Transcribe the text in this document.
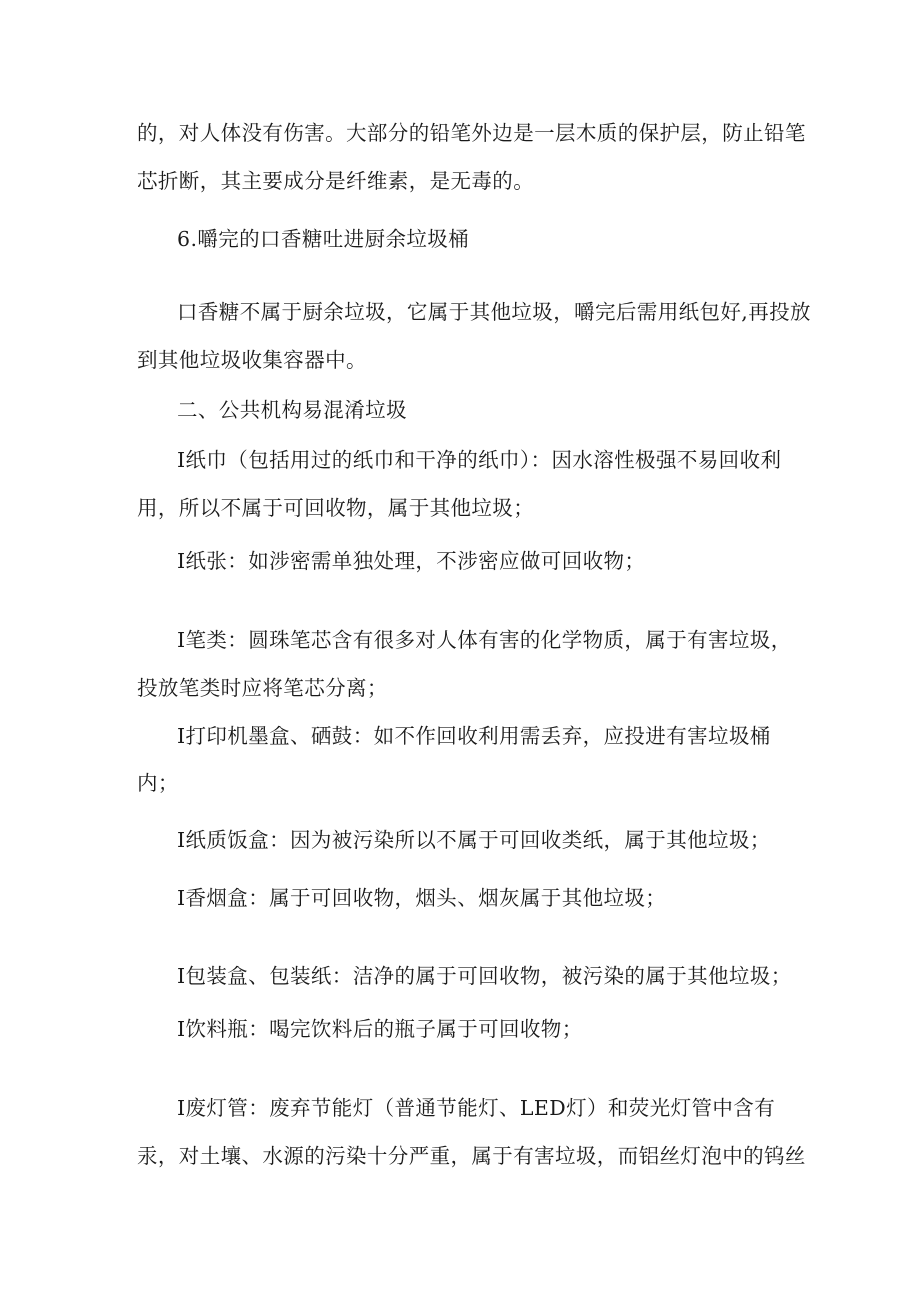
的，对人体没有伤害。大部分的铅笔外边是一层木质的保护层，防止铅笔
芯折断，其主要成分是纤维素，是无毒的。
6.嚼完的口香糖吐进厨余垃圾桶
口香糖不属于厨余垃圾，它属于其他垃圾，嚼完后需用纸包好,再投放
到其他垃圾收集容器中。
二、公共机构易混淆垃圾
I纸巾（包括用过的纸巾和干净的纸巾）：因水溶性极强不易回收利
用，所以不属于可回收物，属于其他垃圾；
I纸张：如涉密需单独处理，不涉密应做可回收物；
I笔类：圆珠笔芯含有很多对人体有害的化学物质，属于有害垃圾，
投放笔类时应将笔芯分离；
I打印机墨盒、硒鼓：如不作回收利用需丢弃，应投进有害垃圾桶
内；
I纸质饭盒：因为被污染所以不属于可回收类纸，属于其他垃圾；
I香烟盒：属于可回收物，烟头、烟灰属于其他垃圾；
I包装盒、包装纸：洁净的属于可回收物，被污染的属于其他垃圾；
I饮料瓶：喝完饮料后的瓶子属于可回收物；
I废灯管：废弃节能灯（普通节能灯、LED灯）和荧光灯管中含有
汞，对土壤、水源的污染十分严重，属于有害垃圾，而铝丝灯泡中的钨丝
